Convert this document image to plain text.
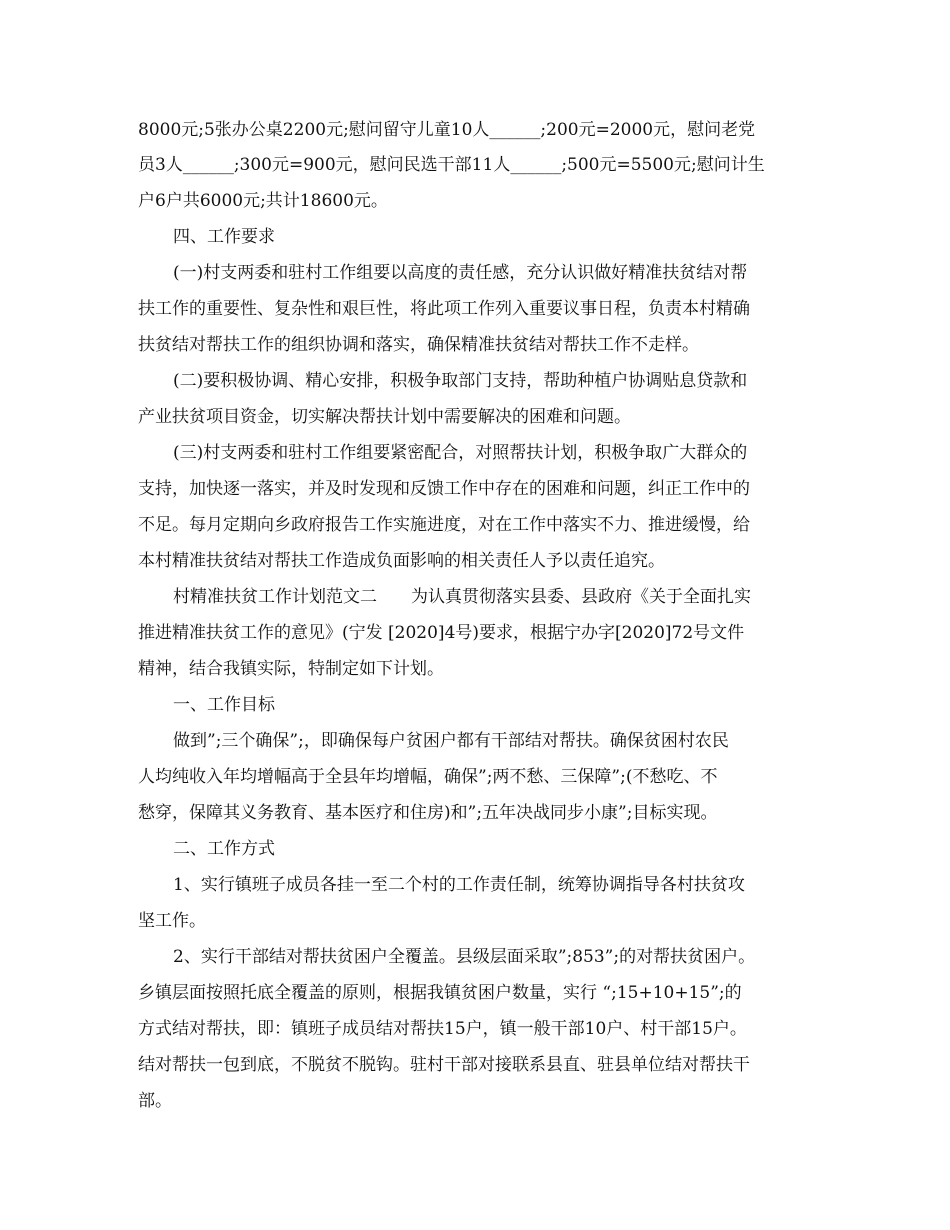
8000元;5张办公桌2200元;慰问留守儿童10人______;200元=2000元，慰问老党
员3人______;300元=900元，慰问民选干部11人______;500元=5500元;慰问计生
户6户共6000元;共计18600元。
四、工作要求
(一)村支两委和驻村工作组要以高度的责任感，充分认识做好精准扶贫结对帮
扶工作的重要性、复杂性和艰巨性，将此项工作列入重要议事日程，负责本村精确
扶贫结对帮扶工作的组织协调和落实，确保精准扶贫结对帮扶工作不走样。
(二)要积极协调、精心安排，积极争取部门支持，帮助种植户协调贴息贷款和
产业扶贫项目资金，切实解决帮扶计划中需要解决的困难和问题。
(三)村支两委和驻村工作组要紧密配合，对照帮扶计划，积极争取广大群众的
支持，加快逐一落实，并及时发现和反馈工作中存在的困难和问题，纠正工作中的
不足。每月定期向乡政府报告工作实施进度，对在工作中落实不力、推进缓慢，给
本村精准扶贫结对帮扶工作造成负面影响的相关责任人予以责任追究。
村精准扶贫工作计划范文二　　为认真贯彻落实县委、县政府《关于全面扎实
推进精准扶贫工作的意见》(宁发 [2020]4号)要求，根据宁办字[2020]72号文件
精神，结合我镇实际，特制定如下计划。
一、工作目标
做到”;三个确保”;，即确保每户贫困户都有干部结对帮扶。确保贫困村农民
人均纯收入年均增幅高于全县年均增幅，确保”;两不愁、三保障”;(不愁吃、不
愁穿，保障其义务教育、基本医疗和住房)和”;五年决战同步小康”;目标实现。
二、工作方式
1、实行镇班子成员各挂一至二个村的工作责任制，统筹协调指导各村扶贫攻
坚工作。
2、实行干部结对帮扶贫困户全覆盖。县级层面采取”;853”;的对帮扶贫困户。
乡镇层面按照托底全覆盖的原则，根据我镇贫困户数量，实行 “;15+10+15”;的
方式结对帮扶，即：镇班子成员结对帮扶15户，镇一般干部10户、村干部15户。
结对帮扶一包到底，不脱贫不脱钩。驻村干部对接联系县直、驻县单位结对帮扶干
部。
